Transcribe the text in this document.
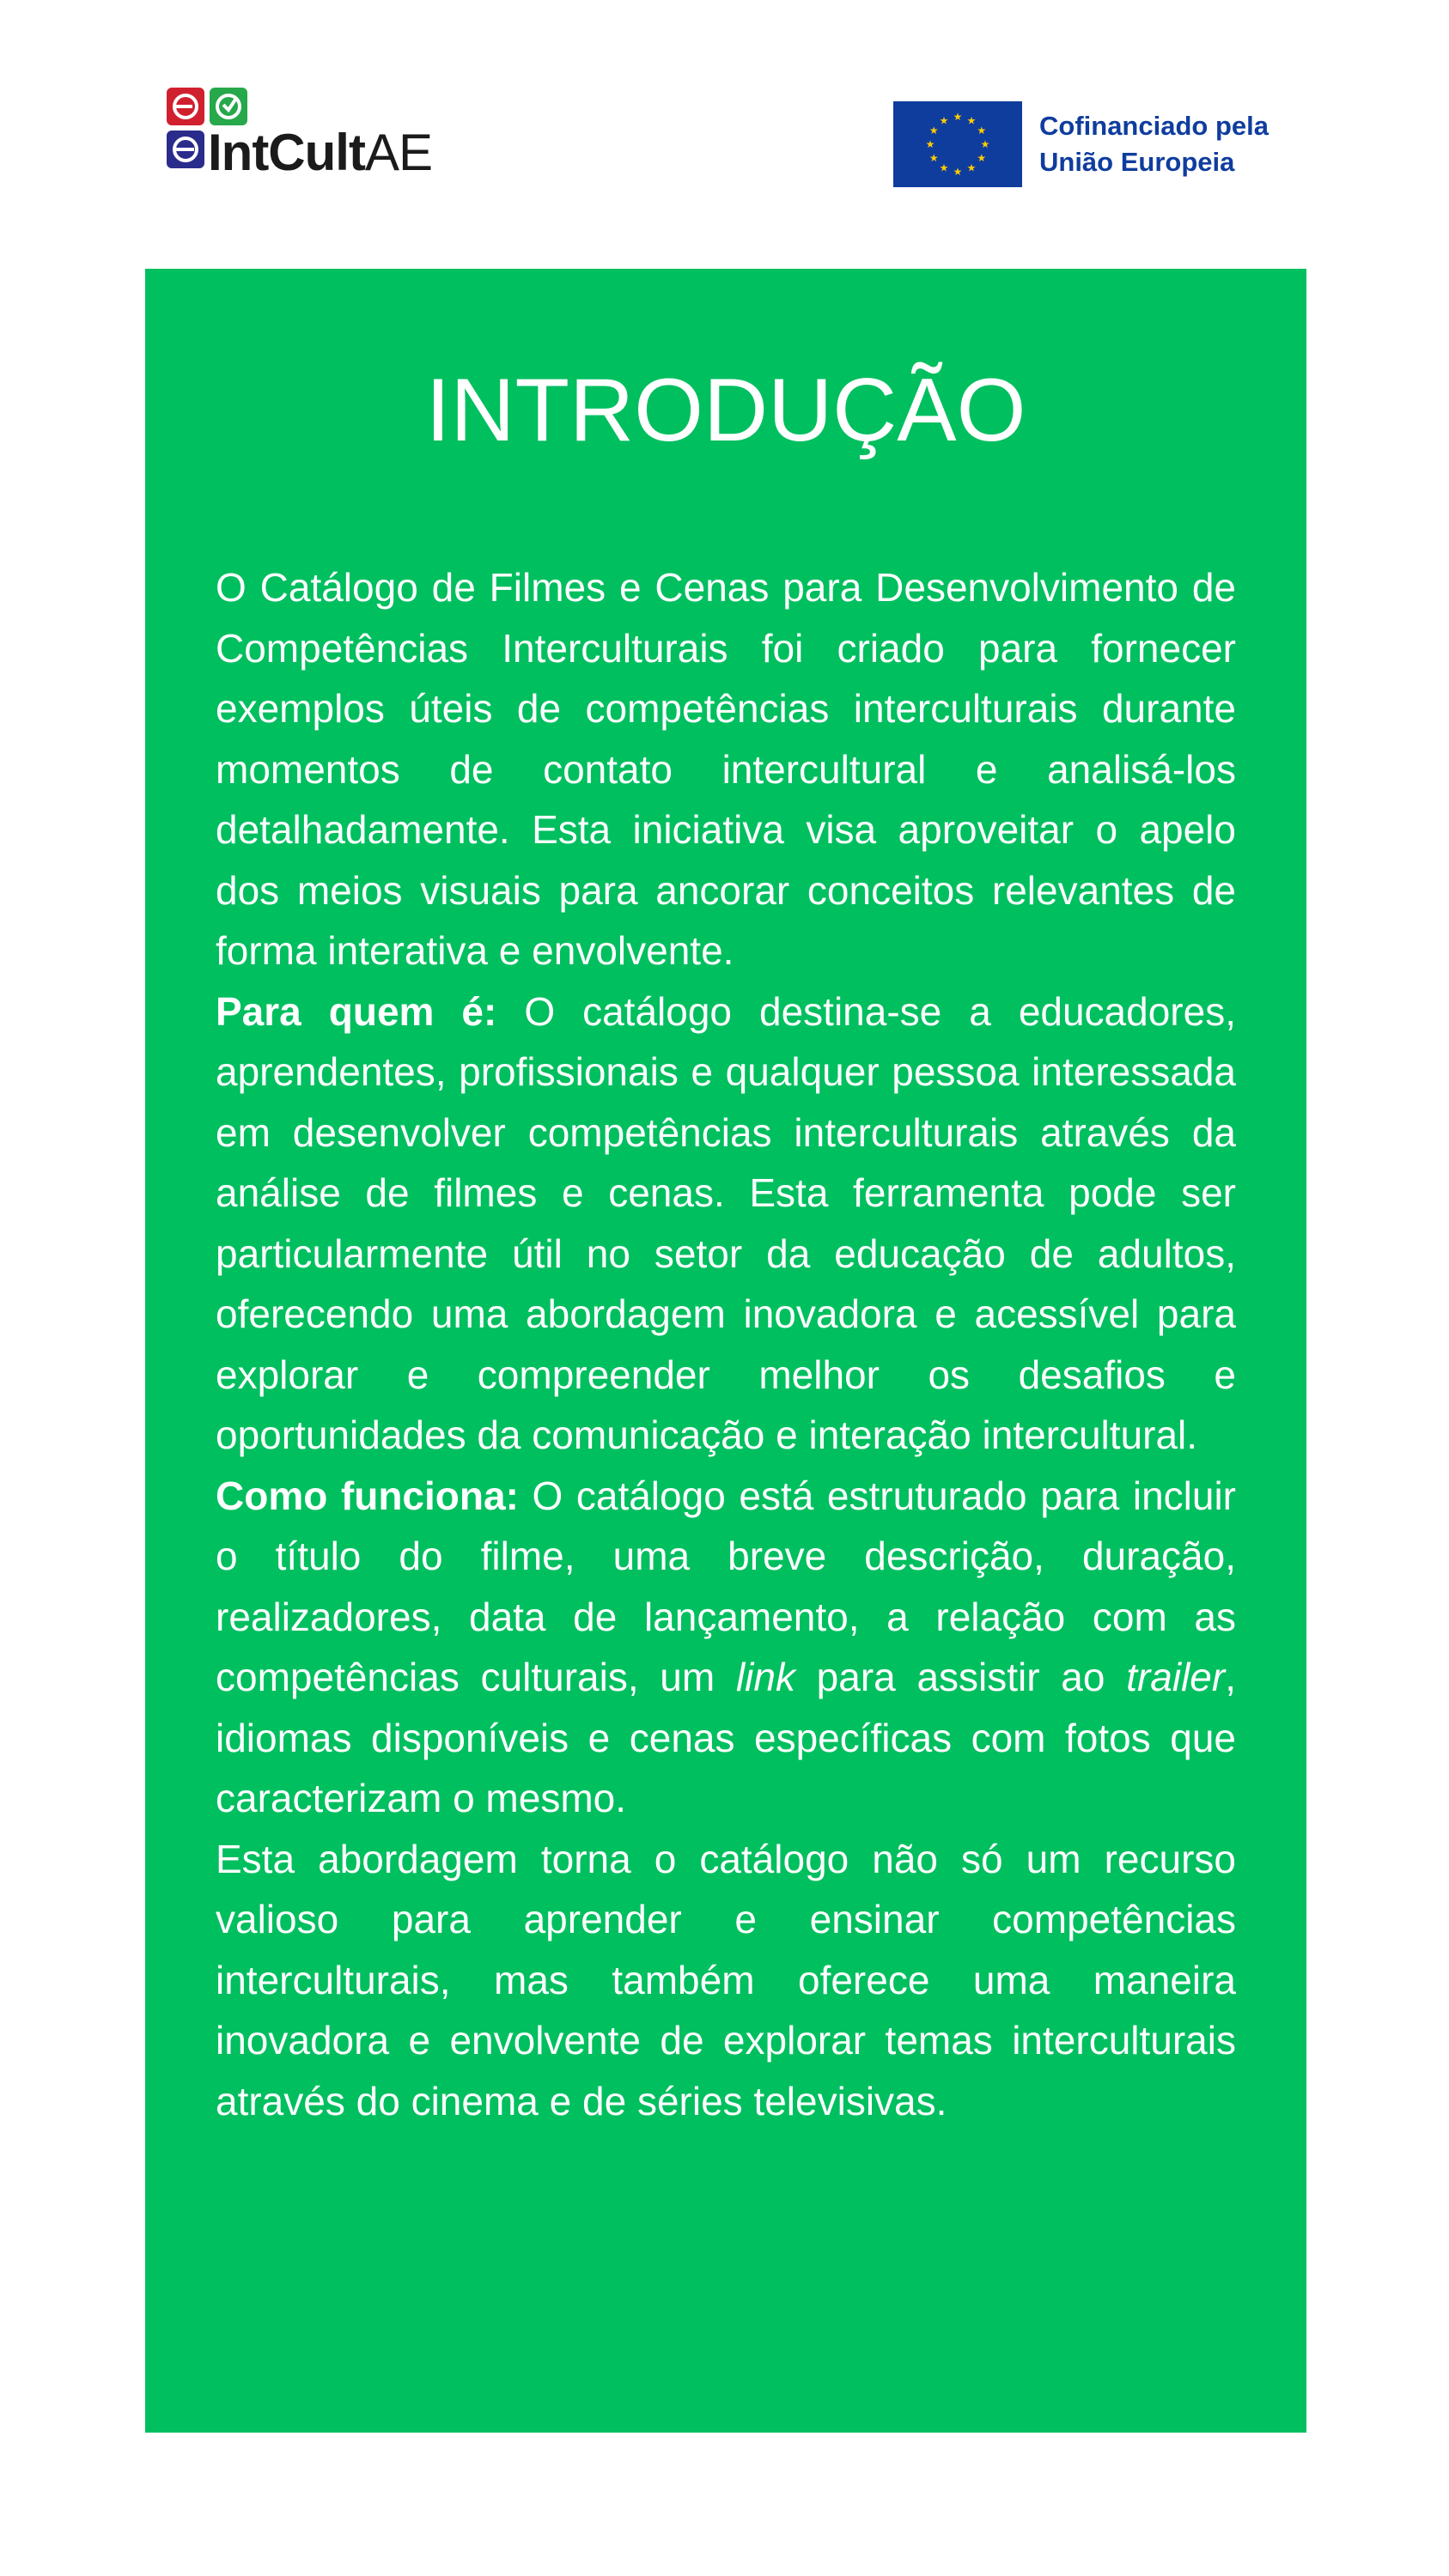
IntCultAE
★ ★
★
★
★
★
★
★
★
★
★
★	Cofinanciado pela
União Europeia
INTRODUÇÃO

O Catálogo de Filmes e Cenas para Desenvolvimento de Competências Interculturais foi criado para fornecer exemplos úteis de competências interculturais durante momentos de contato intercultural e analisá-los detalhadamente. Esta iniciativa visa aproveitar o apelo dos meios visuais para ancorar conceitos relevantes de forma interativa e envolvente.

Para quem é: O catálogo destina-se a educadores, aprendentes, profissionais e qualquer pessoa interessada em desenvolver competências interculturais através da análise de filmes e cenas. Esta ferramenta pode ser particularmente útil no setor da educação de adultos, oferecendo uma abordagem inovadora e acessível para explorar e compreender melhor os desafios e oportunidades da comunicação e interação intercultural.

Como funciona: O catálogo está estruturado para incluir o título do filme, uma breve descrição, duração, realizadores, data de lançamento, a relação com as competências culturais, um link para assistir ao trailer, idiomas disponíveis e cenas específicas com fotos que caracterizam o mesmo.

Esta abordagem torna o catálogo não só um recurso valioso para aprender e ensinar competências interculturais, mas também oferece uma maneira inovadora e envolvente de explorar temas interculturais através do cinema e de séries televisivas.
